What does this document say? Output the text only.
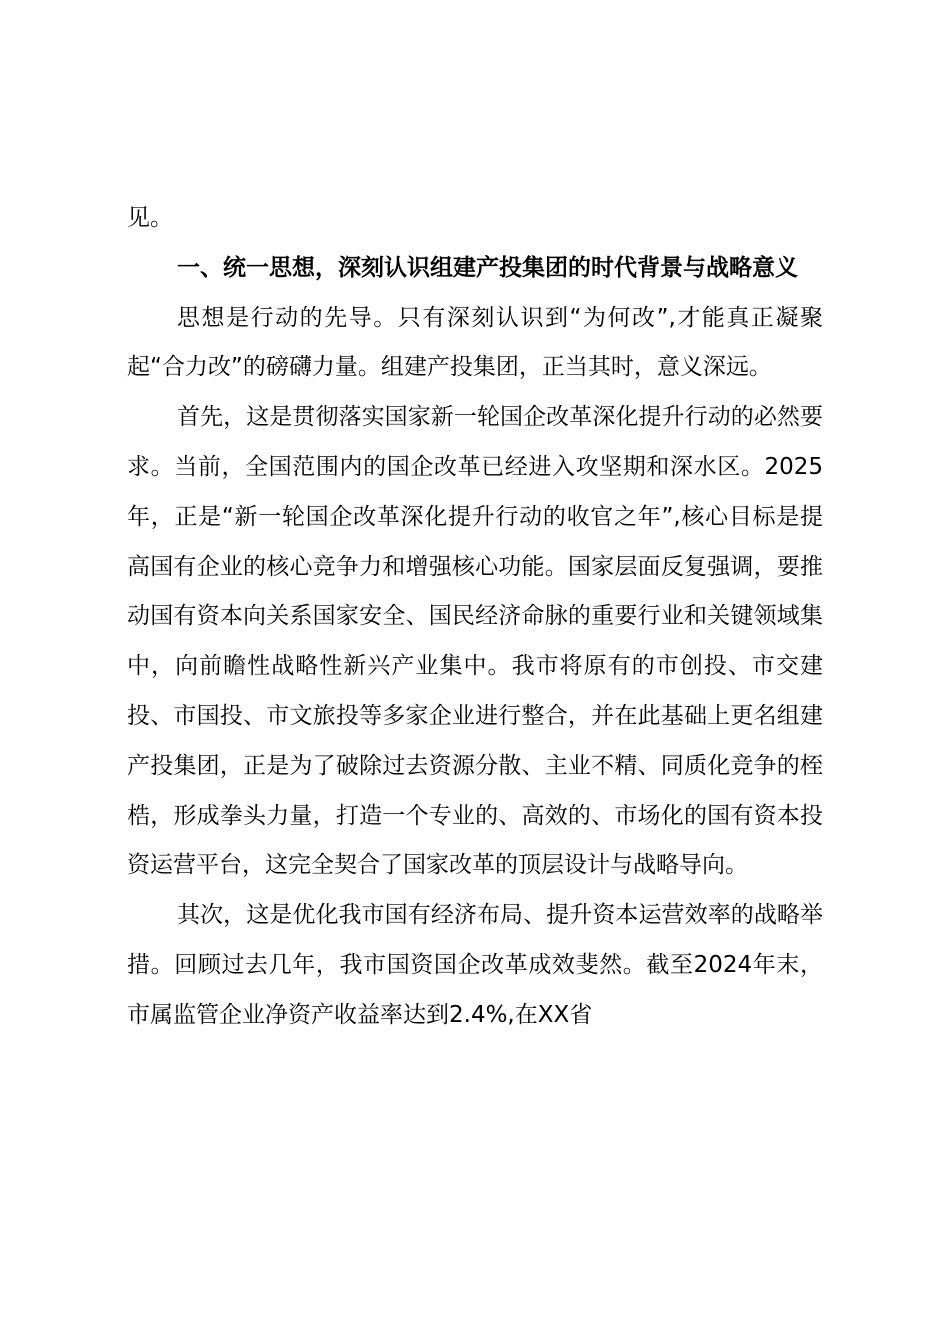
见。

一、统一思想，深刻认识组建产投集团的时代背景与战略意义

思想是行动的先导。只有深刻认识到“为何改”,才能真正凝聚起“合力改”的磅礴力量。组建产投集团，正当其时，意义深远。

首先，这是贯彻落实国家新一轮国企改革深化提升行动的必然要求。当前，全国范围内的国企改革已经进入攻坚期和深水区。2025年，正是“新一轮国企改革深化提升行动的收官之年”,核心目标是提高国有企业的核心竞争力和增强核心功能。国家层面反复强调，要推动国有资本向关系国家安全、国民经济命脉的重要行业和关键领域集中，向前瞻性战略性新兴产业集中。我市将原有的市创投、市交建投、市国投、市文旅投等多家企业进行整合，并在此基础上更名组建产投集团，正是为了破除过去资源分散、主业不精、同质化竞争的桎梏，形成拳头力量，打造一个专业的、高效的、市场化的国有资本投资运营平台，这完全契合了国家改革的顶层设计与战略导向。

其次，这是优化我市国有经济布局、提升资本运营效率的战略举措。回顾过去几年，我市国资国企改革成效斐然。截至2024年末，市属监管企业净资产收益率达到2.4%,在XX省
